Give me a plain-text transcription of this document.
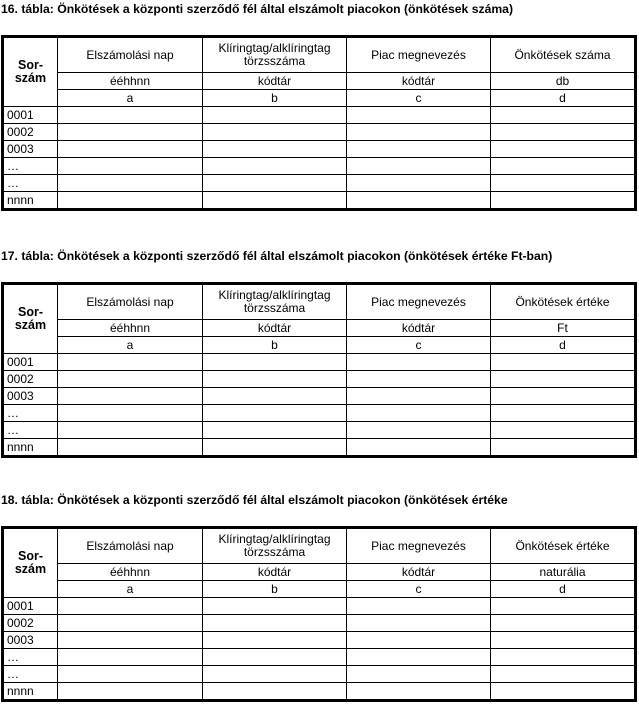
16. tábla: Önkötések a központi szerződő fél által elszámolt piacokon (önkötések száma)
Sor-
szám	Elszámolási nap	Klíringtag/alklíringtag törzsszáma	Piac megnevezés	Önkötések száma
	ééhhnn	kódtár	kódtár	db
	a	b	c	d
0001				
0002				
0003				
…				
…				
nnnn				
17. tábla: Önkötések a központi szerződő fél által elszámolt piacokon (önkötések értéke Ft-ban)
Sor-
szám	Elszámolási nap	Klíringtag/alklíringtag törzsszáma	Piac megnevezés	Önkötések értéke
	ééhhnn	kódtár	kódtár	Ft
	a	b	c	d
0001				
0002				
0003				
…				
…				
nnnn				
18. tábla: Önkötések a központi szerződő fél által elszámolt piacokon (önkötések értéke
Sor-
szám	Elszámolási nap	Klíringtag/alklíringtag törzsszáma	Piac megnevezés	Önkötések értéke
	ééhhnn	kódtár	kódtár	naturália
	a	b	c	d
0001				
0002				
0003				
…				
…				
nnnn				
